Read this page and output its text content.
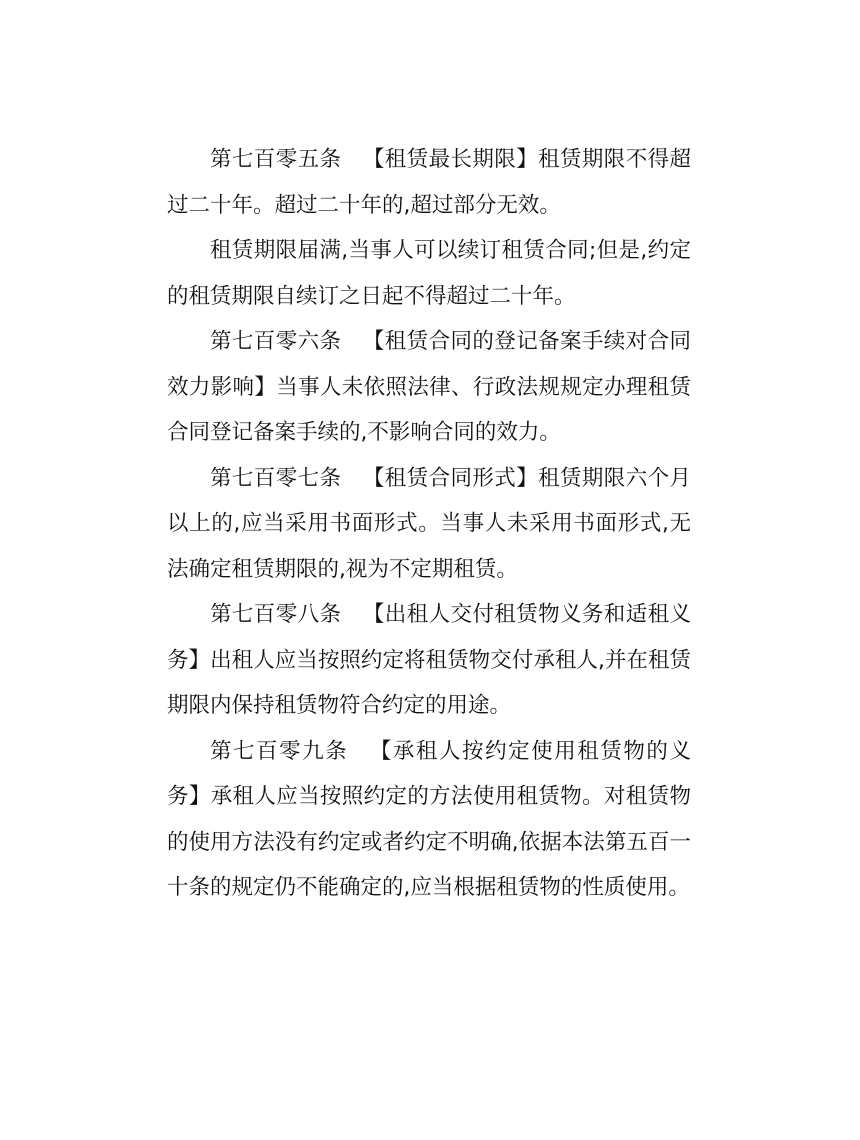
第七百零五条 【租赁最长期限】租赁期限不得超过二十年。超过二十年的,超过部分无效。

租赁期限届满,当事人可以续订租赁合同;但是,约定的租赁期限自续订之日起不得超过二十年。

第七百零六条 【租赁合同的登记备案手续对合同效力影响】当事人未依照法律、行政法规规定办理租赁合同登记备案手续的,不影响合同的效力。

第七百零七条 【租赁合同形式】租赁期限六个月以上的,应当采用书面形式。当事人未采用书面形式,无法确定租赁期限的,视为不定期租赁。

第七百零八条 【出租人交付租赁物义务和适租义务】出租人应当按照约定将租赁物交付承租人,并在租赁期限内保持租赁物符合约定的用途。

第七百零九条 【承租人按约定使用租赁物的义务】承租人应当按照约定的方法使用租赁物。对租赁物的使用方法没有约定或者约定不明确,依据本法第五百一十条的规定仍不能确定的,应当根据租赁物的性质使用。
